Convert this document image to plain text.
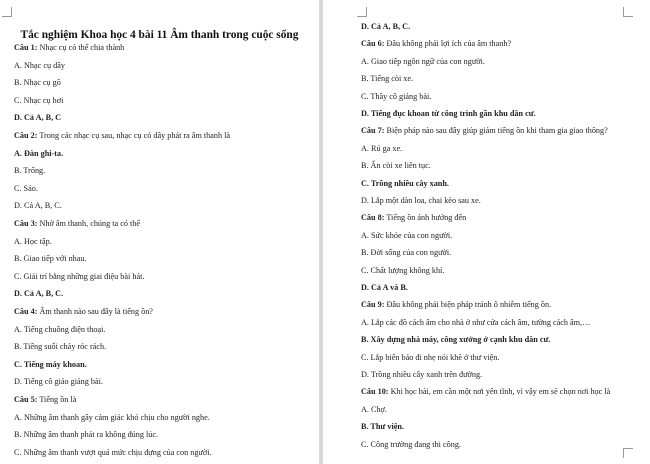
Tắc nghiệm Khoa học 4 bài 11 Âm thanh trong cuộc sống
Câu 1: Nhạc cụ có thể chia thành
A. Nhạc cụ dây
B. Nhạc cụ gõ
C. Nhạc cụ hơi
D. Cả A, B, C
Câu 2: Trong các nhạc cụ sau, nhạc cụ có dây phát ra âm thanh là
A. Đàn ghi-ta.
B. Trống.
C. Sáo.
D. Cả A, B, C.
Câu 3: Nhờ âm thanh, chúng ta có thể
A. Học tập.
B. Giao tiếp với nhau.
C. Giải trí bằng những giai điệu bài hát.
D. Cả A, B, C.
Câu 4: Âm thanh nào sau đây là tiếng ồn?
A. Tiếng chuông điện thoại.
B. Tiếng suối chảy róc rách.
C. Tiếng máy khoan.
D. Tiếng cô giáo giảng bài.
Câu 5: Tiếng ồn là
A. Những âm thanh gây cảm giác khó chịu cho người nghe.
B. Những âm thanh phát ra không đúng lúc.
C. Những âm thanh vượt quá mức chịu đựng của con người.
D. Cả A, B, C.
Câu 6: Đâu không phải lợi ích của âm thanh?
A. Giao tiếp ngôn ngữ của con người.
B. Tiếng còi xe.
C. Thầy cô giảng bài.
D. Tiếng đục khoan từ công trình gần khu dân cư.
Câu 7: Biện pháp nào sau đây giúp giảm tiếng ồn khi tham gia giao thông?
A. Rú ga xe.
B. Ấn còi xe liên tục.
C. Trồng nhiều cây xanh.
D. Lắp một dàn loa, chai kèo sau xe.
Câu 8: Tiếng ồn ảnh hưởng đến
A. Sức khỏe của con người.
B. Đời sống của con người.
C. Chất lượng không khí.
D. Cả A và B.
Câu 9: Đâu không phải biện pháp tránh ô nhiễm tiếng ồn.
A. Lắp các đồ cách âm cho nhà ở như cửa cách âm, tường cách âm,…
B. Xây dựng nhà máy, công xưởng ở cạnh khu dân cư.
C. Lắp biển báo đi nhẹ nói khẽ ở thư viện.
D. Trồng nhiều cây xanh trên đường.
Câu 10: Khi học bài, em cần một nơi yên tĩnh, vì vậy em sẽ chọn nơi học là
A. Chợ.
B. Thư viện.
C. Công trường đang thi công.
